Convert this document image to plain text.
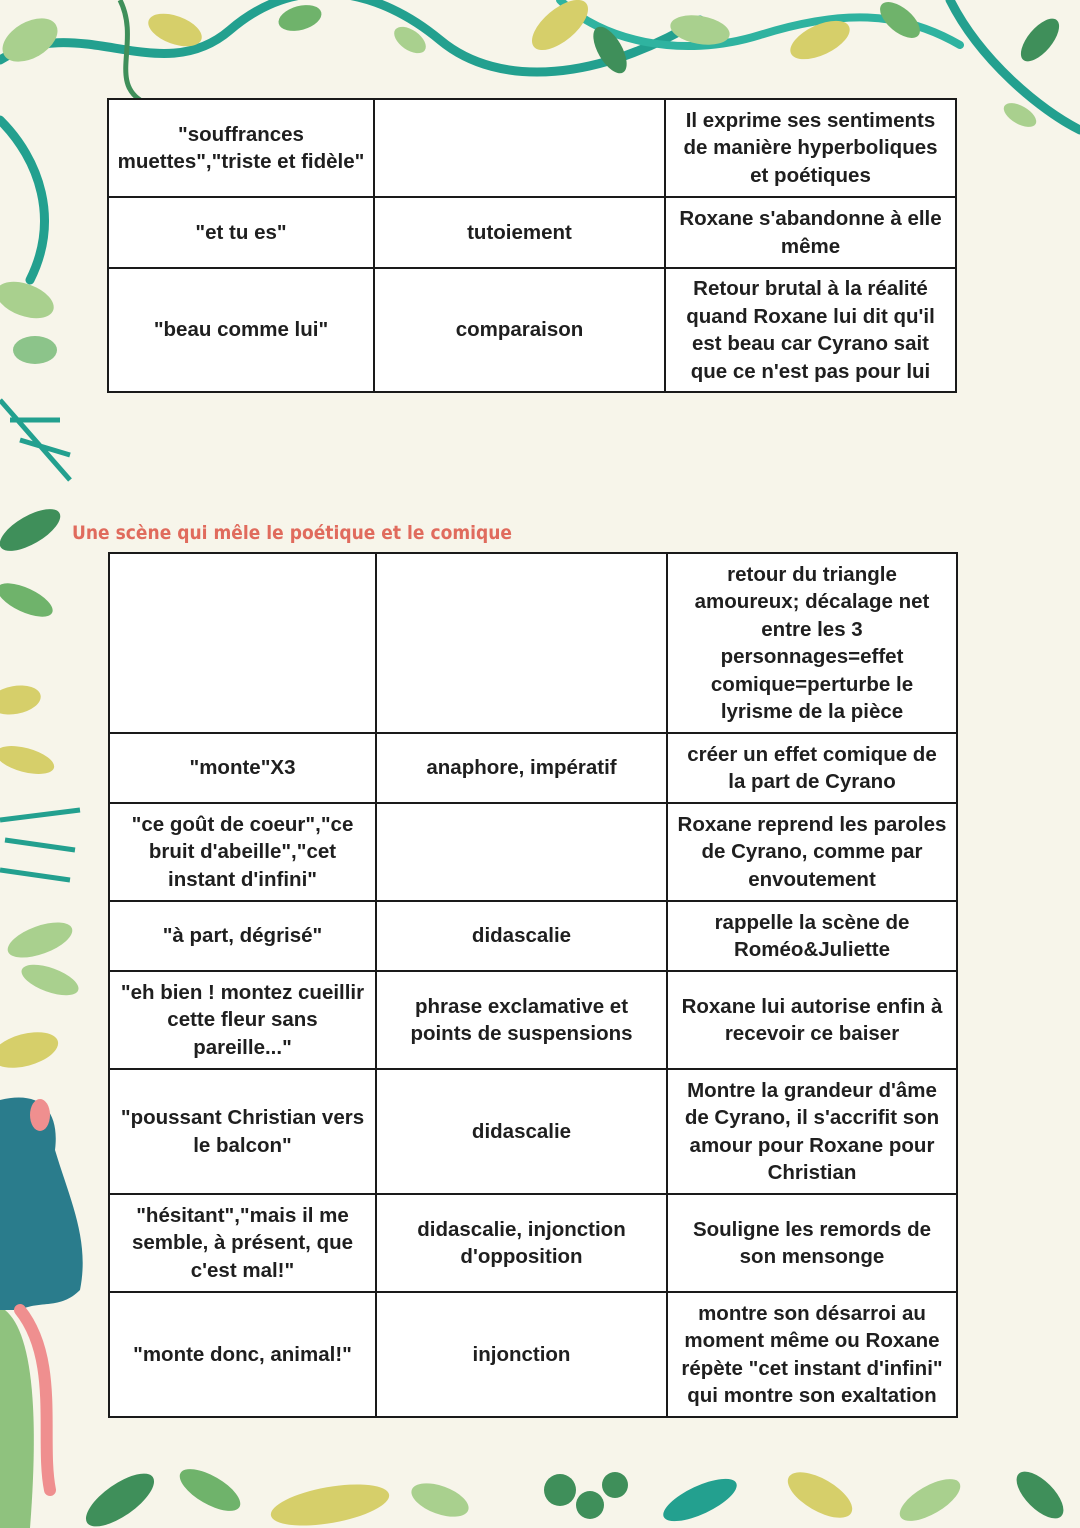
"souffrances muettes","triste et fidèle"		Il exprime ses sentiments de manière hyperboliques et poétiques
"et tu es"	tutoiement	Roxane s'abandonne à elle même
"beau comme lui"	comparaison	Retour brutal à la réalité quand Roxane lui dit qu'il est beau car Cyrano sait que ce n'est pas pour lui
Une scène qui mêle le poétique et le comique
		retour du triangle amoureux; décalage net entre les 3 personnages=effet comique=perturbe le lyrisme de la pièce
"monte"X3	anaphore, impératif	créer un effet comique de la part de Cyrano
"ce goût de coeur","ce bruit d'abeille","cet instant d'infini"		Roxane reprend les paroles de Cyrano, comme par envoutement
"à part, dégrisé"	didascalie	rappelle la scène de Roméo&Juliette
"eh bien ! montez cueillir cette fleur sans pareille..."	phrase exclamative et points de suspensions	Roxane lui autorise enfin à recevoir ce baiser
"poussant Christian vers le balcon"	didascalie	Montre la grandeur d'âme de Cyrano, il s'accrifit son amour pour Roxane pour Christian
"hésitant","mais il me semble, à présent, que c'est mal!"	didascalie, injonction d'opposition	Souligne les remords de son mensonge
"monte donc, animal!"	injonction	montre son désarroi au moment même ou Roxane répète "cet instant d'infini" qui montre son exaltation
